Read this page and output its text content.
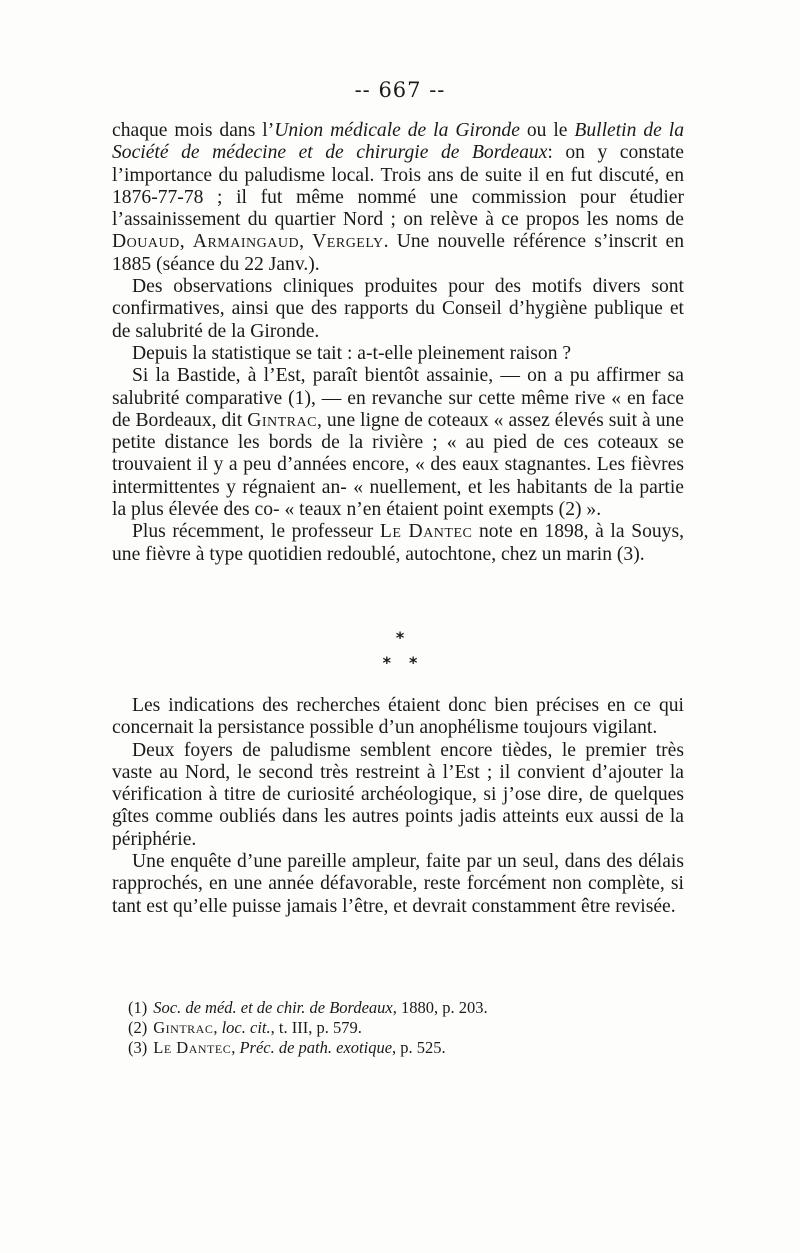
-- 667 --

chaque mois dans l’Union médicale de la Gironde ou le Bulletin de la Société de médecine et de chirurgie de Bordeaux: on y constate l’importance du paludisme local. Trois ans de suite il en fut discuté, en 1876-77-78 ; il fut même nommé une commission pour étudier l’assainissement du quartier Nord ; on relève à ce propos les noms de Douaud, Armaingaud, Vergely. Une nouvelle référence s’inscrit en 1885 (séance du 22 Janv.).

Des observations cliniques produites pour des motifs divers sont confirmatives, ainsi que des rapports du Conseil d’hygiène publique et de salubrité de la Gironde.

Depuis la statistique se tait : a-t-elle pleinement raison ?

Si la Bastide, à l’Est, paraît bientôt assainie, — on a pu affirmer sa salubrité comparative (1), — en revanche sur cette même rive « en face de Bordeaux, dit Gintrac, une ligne de coteaux « assez élevés suit à une petite distance les bords de la rivière ; « au pied de ces coteaux se trouvaient il y a peu d’années encore, « des eaux stagnantes. Les fièvres intermittentes y régnaient an- « nuellement, et les habitants de la partie la plus élevée des co- « teaux n’en étaient point exempts (2) ».

Plus récemment, le professeur Le Dantec note en 1898, à la Souys, une fièvre à type quotidien redoublé, autochtone, chez un marin (3).

*
* *

Les indications des recherches étaient donc bien précises en ce qui concernait la persistance possible d’un anophélisme toujours vigilant.

Deux foyers de paludisme semblent encore tièdes, le premier très vaste au Nord, le second très restreint à l’Est ; il convient d’ajouter la vérification à titre de curiosité archéologique, si j’ose dire, de quelques gîtes comme oubliés dans les autres points jadis atteints eux aussi de la périphérie.

Une enquête d’une pareille ampleur, faite par un seul, dans des délais rapprochés, en une année défavorable, reste forcément non complète, si tant est qu’elle puisse jamais l’être, et devrait constamment être revisée.

(1) Soc. de méd. et de chir. de Bordeaux, 1880, p. 203.

(2) Gintrac, loc. cit., t. III, p. 579.

(3) Le Dantec, Préc. de path. exotique, p. 525.
